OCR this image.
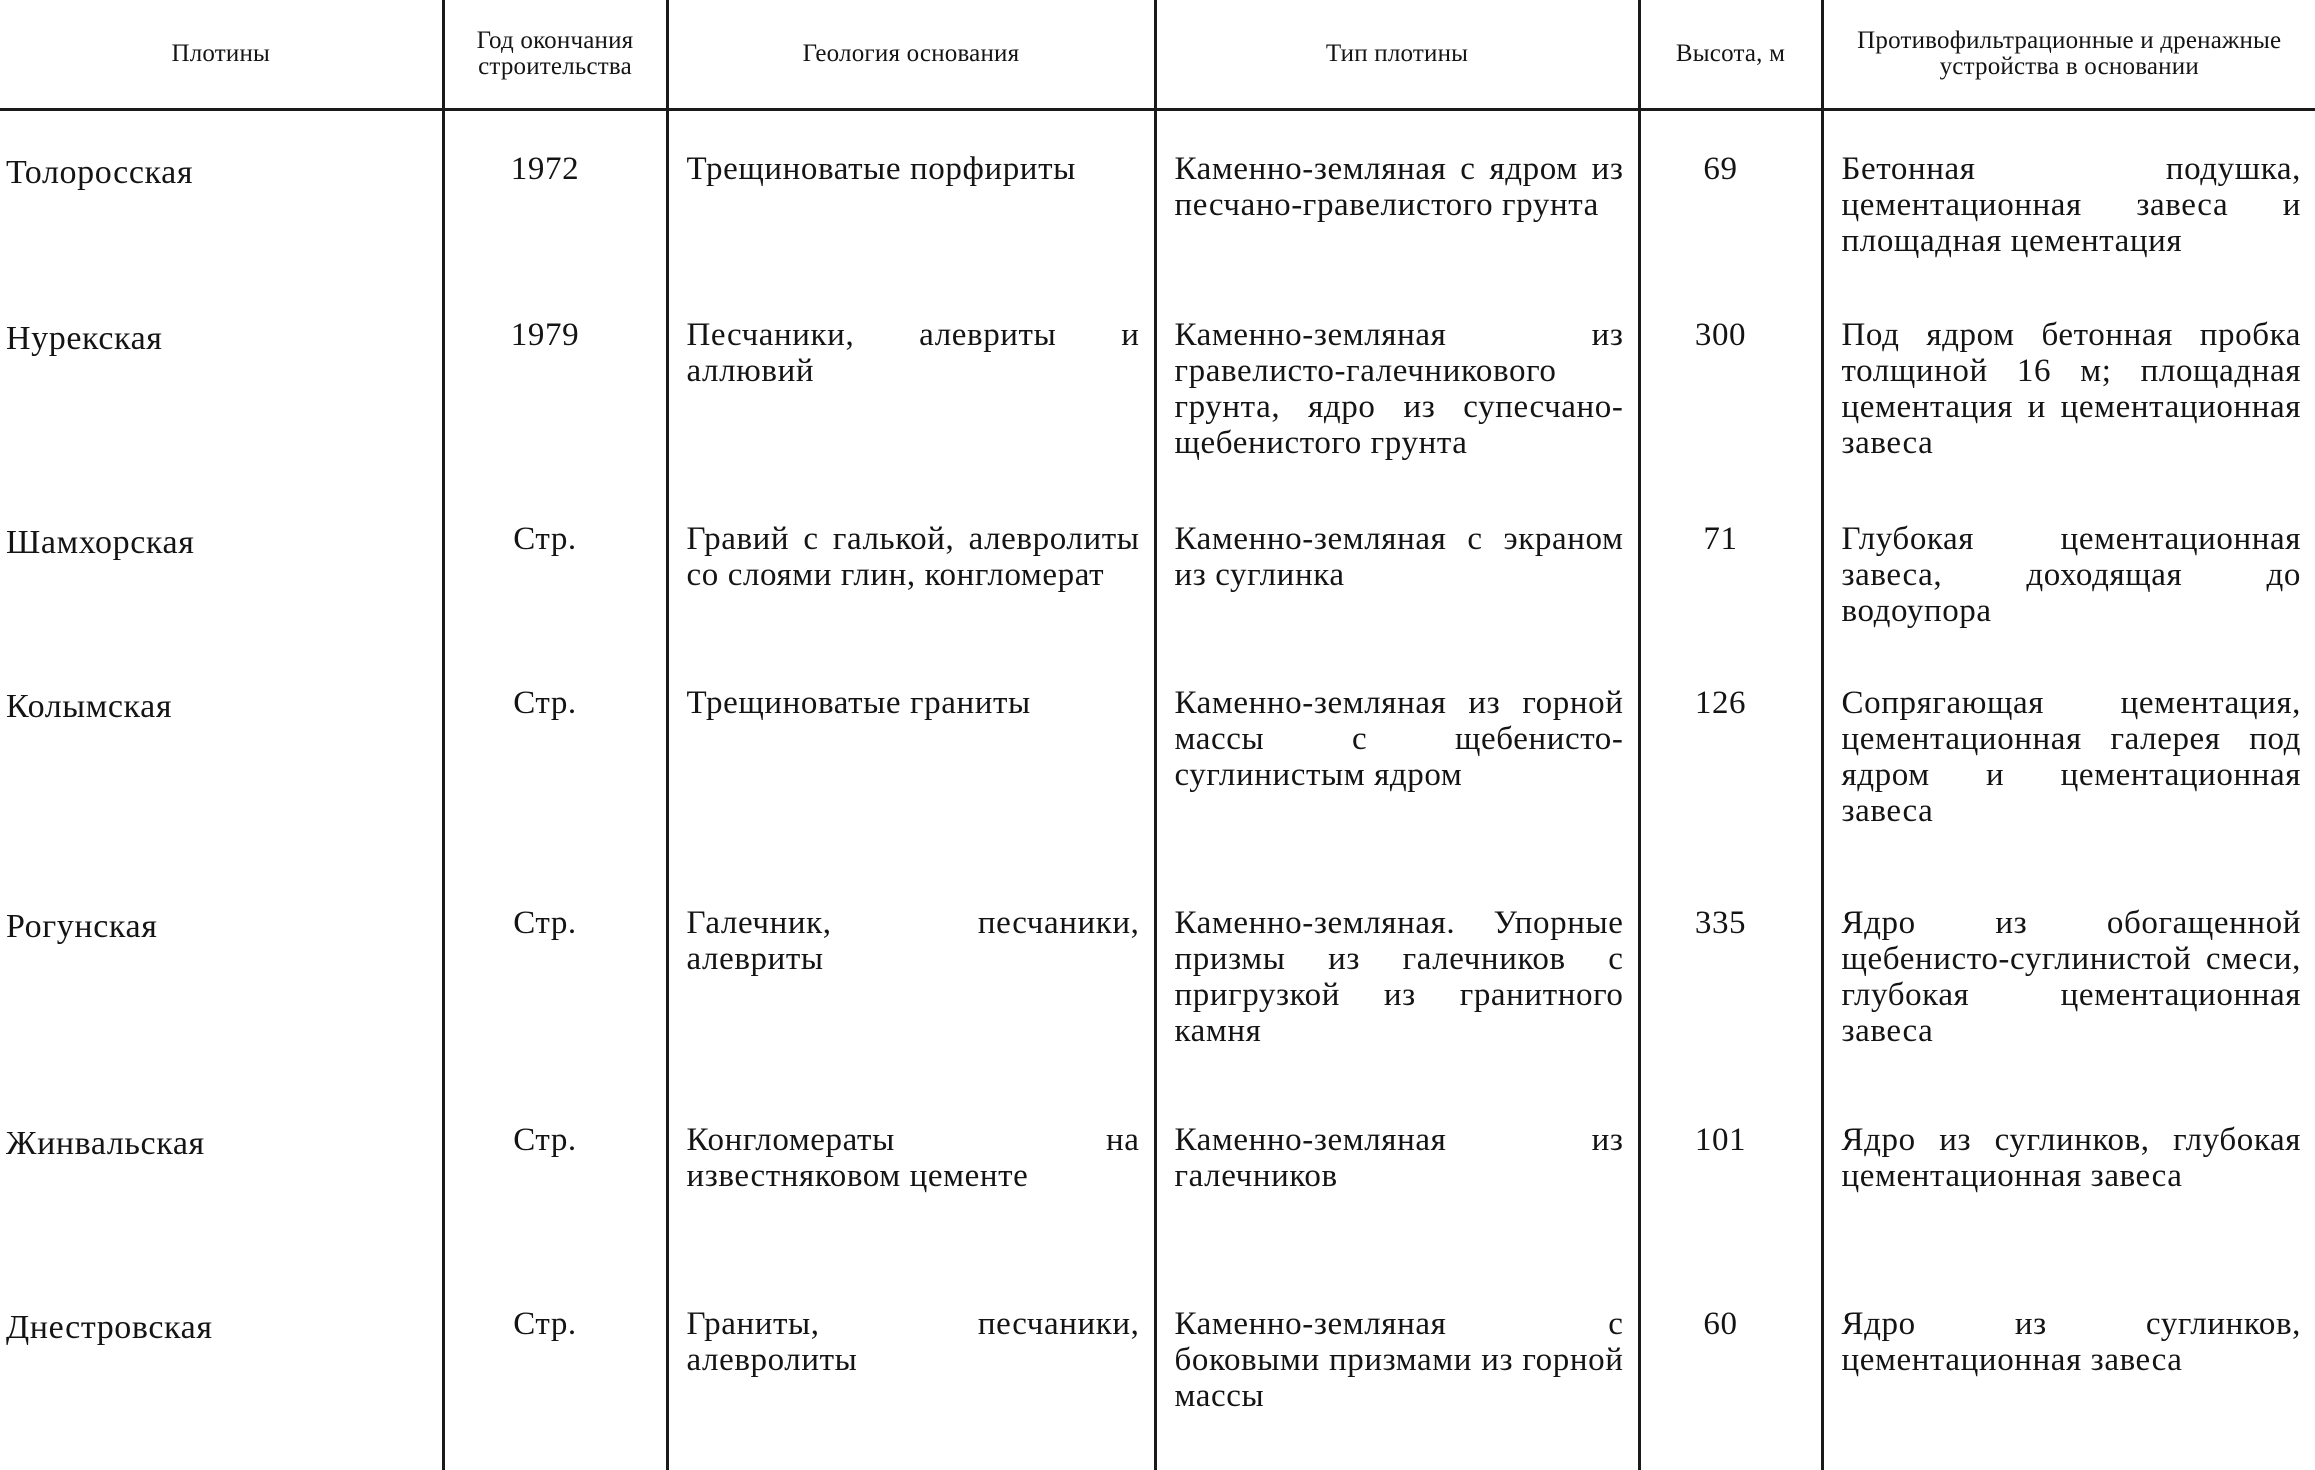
Плотины	Год окончания строительства	Геология основания	Тип плотины	Высота, м	Противофильтрационные и дренажные устройства в основании
Толоросская	1972	Трещиноватые порфириты	Каменно-земляная с ядром из песчано-гравелистого грунта	69	Бетонная подушка, цементационная завеса и площадная цементация
Нурекская	1979	Песчаники, алевриты и аллювий	Каменно-земляная из гравелисто-галечникового грунта, ядро из супесчано-щебенистого грунта	300	Под ядром бетонная пробка толщиной 16 м; площадная цементация и цементационная завеса
Шамхорская	Стр.	Гравий с галькой, алевролиты со слоями глин, конгломерат	Каменно-земляная с экраном из суглинка	71	Глубокая цементационная завеса, доходящая до водоупора
Колымская	Стр.	Трещиноватые граниты	Каменно-земляная из горной массы с щебенисто-суглинистым ядром	126	Сопрягающая цементация, цементационная галерея под ядром и цементационная завеса
Рогунская	Стр.	Галечник, песчаники, алевриты	Каменно-земляная. Упорные призмы из галечников с пригрузкой из гранитного камня	335	Ядро из обогащенной щебенисто-суглинистой смеси, глубокая цементационная завеса
Жинвальская	Стр.	Конгломераты на известняковом цементе	Каменно-земляная из галечников	101	Ядро из суглинков, глубокая цементационная завеса
Днестровская	Стр.	Граниты, песчаники, алевролиты	Каменно-земляная с боковыми призмами из горной массы	60	Ядро из суглинков, цементационная завеса
